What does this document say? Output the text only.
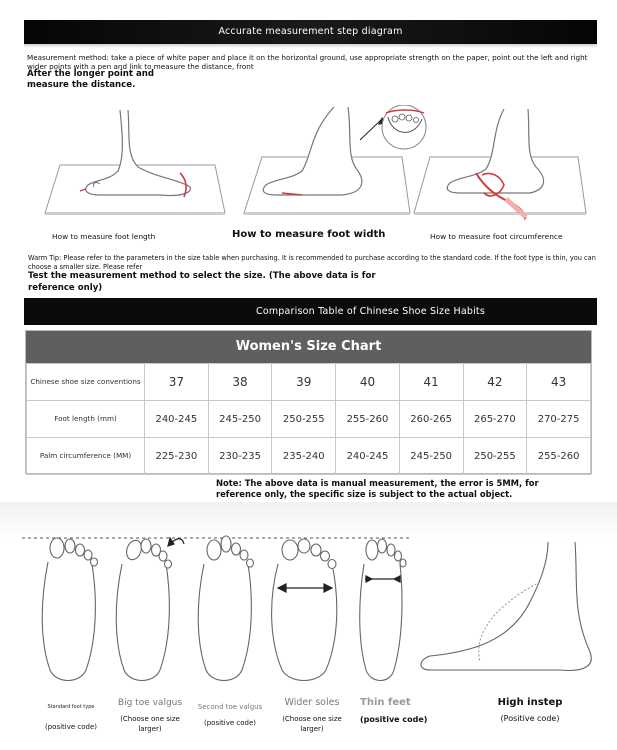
Accurate measurement step diagram
Measurement method: take a piece of white paper and place it on the horizontal ground, use appropriate strength on the paper, point out the left and right wider points with a pen and link to measure the distance, front
After the longer point and measure the distance.
How to measure foot length	How to measure foot width	How to measure foot circumference
Warm Tip: Please refer to the parameters in the size table when purchasing. It is recommended to purchase according to the standard code. If the foot type is thin, you can choose a smaller size. Please refer
Test the measurement method to select the size. (The above data is for reference only)
Comparison Table of Chinese Shoe Size Habits
Women's Size Chart
Chinese shoe size conventions	37	38	39	40	41	42	43
Foot length (mm)	240-245	245-250	250-255	255-260	260-265	265-270	270-275
Palm circumference (MM)	225-230	230-235	235-240	240-245	245-250	250-255	255-260
Note: The above data is manual measurement, the error is 5MM, for reference only, the specific size is subject to the actual object.
Standard foot type
(positive code)
Big toe valgus
(Choose one size larger)
Second toe valgus
(positive code)
Wider soles
(Choose one size larger)
Thin feet
(positive code)
High instep
(Positive code)
